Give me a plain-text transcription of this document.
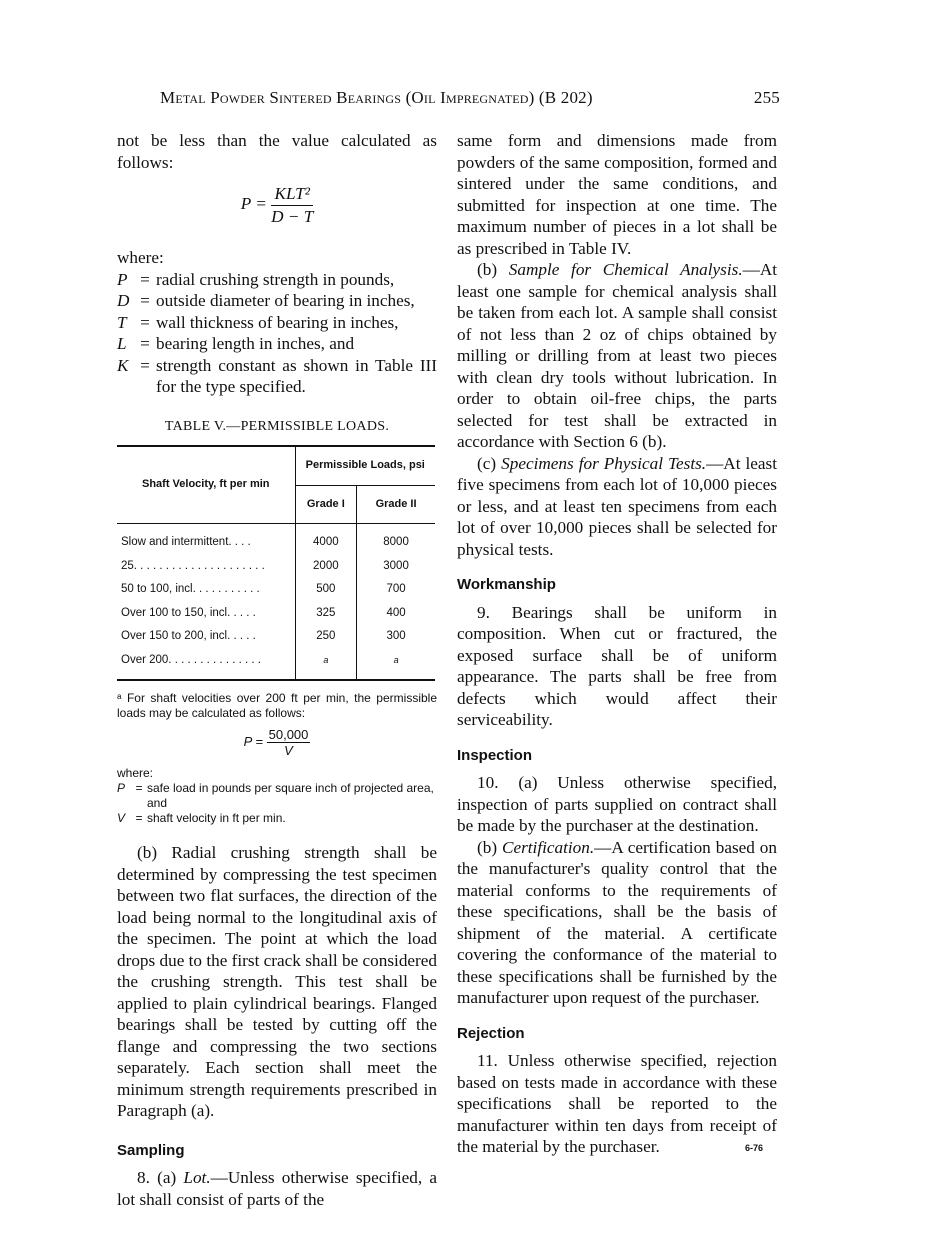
Metal Powder Sintered Bearings (Oil Impregnated) (B 202)	255

not be less than the value calculated as follows:

$P = \frac{\text{KLT²}}{D - T}$

where:

P = radial crushing strength in pounds,
D = outside diameter of bearing in inches,
T = wall thickness of bearing in inches,
L = bearing length in inches, and
K = strength constant as shown in Table III for the type specified.
TABLE V.—PERMISSIBLE LOADS.
Shaft Velocity, ft per min	Permissible Loads, psi	
	Grade I	Grade II
Slow and intermittent. . . .	4000	8000
25. . . . . . . . . . . . . . . . . . . . .	2000	3000
50 to 100, incl. . . . . . . . . . .	500	700
Over 100 to 150, incl. . . . .	325	400
Over 150 to 200, incl. . . . .	250	300
Over 200. . . . . . . . . . . . . . .	a	a

ᵃ For shaft velocities over 200 ft per min, the permissible loads may be calculated as follows:

$P = \frac{50,000}{V}$

where:

P = safe load in pounds per square inch of projected area, and
V = shaft velocity in ft per min.

(b) Radial crushing strength shall be determined by compressing the test specimen between two flat surfaces, the direction of the load being normal to the longitudinal axis of the specimen. The point at which the load drops due to the first crack shall be considered the crushing strength. This test shall be applied to plain cylindrical bearings. Flanged bearings shall be tested by cutting off the flange and compressing the two sections separately. Each section shall meet the minimum strength requirements prescribed in Paragraph (a).

Sampling

8. (a) Lot.—Unless otherwise specified, a lot shall consist of parts of the

same form and dimensions made from powders of the same composition, formed and sintered under the same conditions, and submitted for inspection at one time. The maximum number of pieces in a lot shall be as prescribed in Table IV.

(b) Sample for Chemical Analysis.—At least one sample for chemical analysis shall be taken from each lot. A sample shall consist of not less than 2 oz of chips obtained by milling or drilling from at least two pieces with clean dry tools without lubrication. In order to obtain oil-free chips, the parts selected for test shall be extracted in accordance with Section 6 (b).

(c) Specimens for Physical Tests.—At least five specimens from each lot of 10,000 pieces or less, and at least ten specimens from each lot of over 10,000 pieces shall be selected for physical tests.

Workmanship

9. Bearings shall be uniform in composition. When cut or fractured, the exposed surface shall be of uniform appearance. The parts shall be free from defects which would affect their serviceability.

Inspection

10. (a) Unless otherwise specified, inspection of parts supplied on contract shall be made by the purchaser at the destination.

(b) Certification.—A certification based on the manufacturer's quality control that the material conforms to the requirements of these specifications, shall be the basis of shipment of the material. A certificate covering the conformance of the material to these specifications shall be furnished by the manufacturer upon request of the purchaser.

Rejection

11. Unless otherwise specified, rejection based on tests made in accordance with these specifications shall be reported to the manufacturer within ten days from receipt of the material by the purchaser.	6-76
